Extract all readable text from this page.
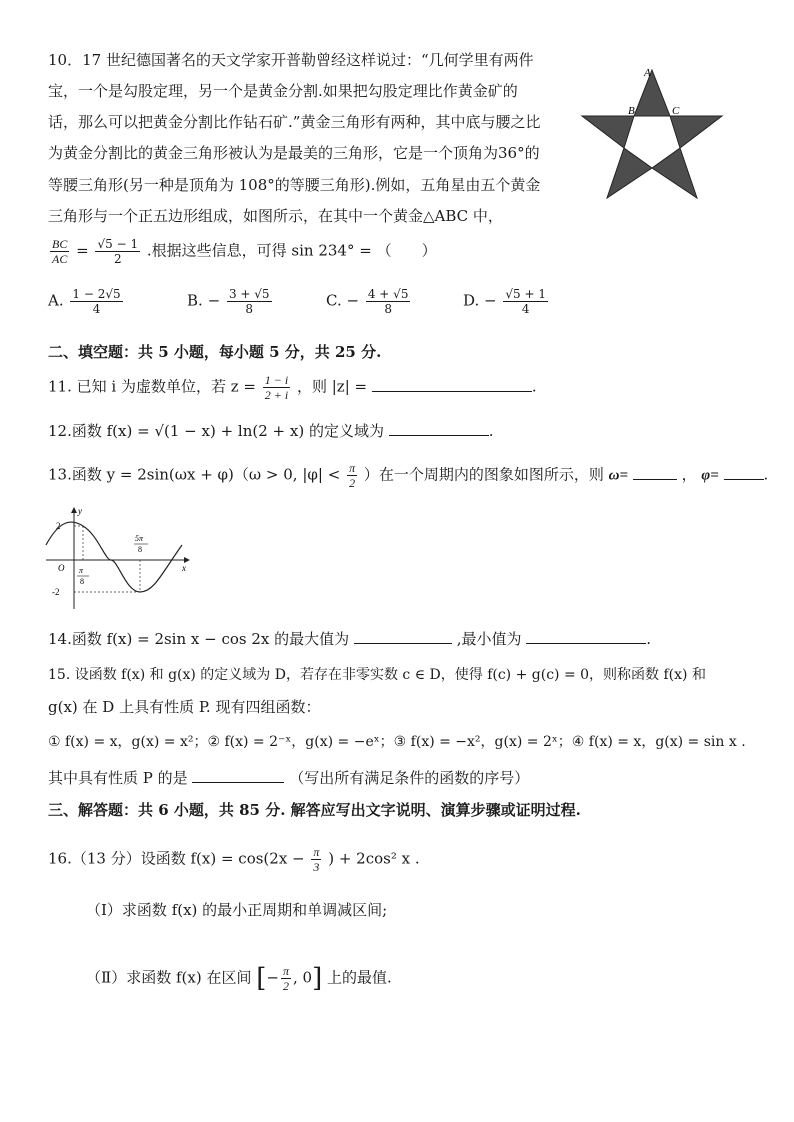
10．17 世纪德国著名的天文学家开普勒曾经这样说过：“几何学里有两件
宝，一个是勾股定理，另一个是黄金分割.如果把勾股定理比作黄金矿的
话，那么可以把黄金分割比作钻石矿.”黄金三角形有两种，其中底与腰之比
为黄金分割比的黄金三角形被认为是最美的三角形，它是一个顶角为36°的
等腰三角形(另一种是顶角为 108°的等腰三角形).例如，五角星由五个黄金
三角形与一个正五边形组成，如图所示，在其中一个黄金△ABC 中，
$\frac{BC}{AC} = \frac{√5 - 1}{2}$ .根据这些信息，可得 sin 234° = （　　）
A. $\frac{1 - 2√5}{4}$	B. − $\frac{3 + √5}{8}$	C. − $\frac{4 + √5}{8}$	D. − $\frac{√5 + 1}{4}$
A
B	C
二、填空题：共 5 小题，每小题 5 分，共 25 分.
11. 已知 i 为虚数单位，若 $z = \frac{1 - i}{2 + i}$ ，则 |z| =	.
12.函数 f(x) = √(1 − x) + ln(2 + x) 的定义域为	.
13.函数 y = 2sin(ωx + φ)（ω > 0, $|\varphi| < \frac{\pi}{2}$ ）在一个周期内的图象如图所示，则 ω=	， φ=	.
y
x
O
2
-2
π
8
5π
8
14.函数 f(x) = 2sin x − cos 2x 的最大值为	,最小值为	.
15. 设函数 f(x) 和 g(x) 的定义域为 D，若存在非零实数 c ∈ D，使得 f(c) + g(c) = 0，则称函数 f(x) 和
g(x) 在 D 上具有性质 P. 现有四组函数：
① f(x) = x，g(x) = x²；② f(x) = 2⁻ˣ，g(x) = −eˣ；③ f(x) = −x²，g(x) = 2ˣ；④ f(x) = x，g(x) = sin x .
其中具有性质 P 的是	（写出所有满足条件的函数的序号）
三、解答题：共 6 小题，共 85 分. 解答应写出文字说明、演算步骤或证明过程.
16.（13 分）设函数 $f(x) = \cos(2x - \frac{\pi}{3}$ ) + 2cos² x .
（Ⅰ）求函数 f(x) 的最小正周期和单调减区间;
（Ⅱ）求函数 f(x) 在区间 [− $\frac{\pi}{2}$ , 0] 上的最值.
